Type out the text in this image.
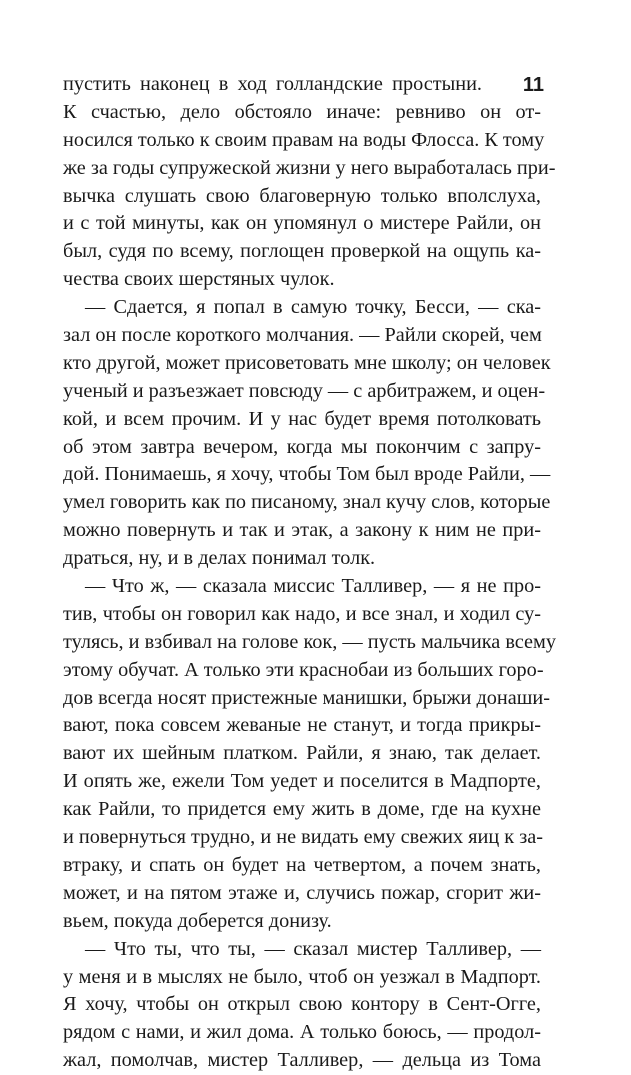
11
пустить наконец в ход голландские простыни.
К счастью, дело обстояло иначе: ревниво он от-
носился только к своим правам на воды Флосса. К тому
же за годы супружеской жизни у него выработалась при-
вычка слушать свою благоверную только вполслуха,
и с той минуты, как он упомянул о мистере Райли, он
был, судя по всему, поглощен проверкой на ощупь ка-
чества своих шерстяных чулок.
— Сдается, я попал в самую точку, Бесси, — ска-
зал он после короткого молчания. — Райли скорей, чем
кто другой, может присоветовать мне школу; он человек
ученый и разъезжает повсюду — с арбитражем, и оцен-
кой, и всем прочим. И у нас будет время потолковать
об этом завтра вечером, когда мы покончим с запру-
дой. Понимаешь, я хочу, чтобы Том был вроде Райли, —
умел говорить как по писаному, знал кучу слов, которые
можно повернуть и так и этак, а закону к ним не при-
драться, ну, и в делах понимал толк.
— Что ж, — сказала миссис Талливер, — я не про-
тив, чтобы он говорил как надо, и все знал, и ходил су-
тулясь, и взбивал на голове кок, — пусть мальчика всему
этому обучат. А только эти краснобаи из больших горо-
дов всегда носят пристежные манишки, брыжи донаши-
вают, пока совсем жеваные не станут, и тогда прикры-
вают их шейным платком. Райли, я знаю, так делает.
И опять же, ежели Том уедет и поселится в Мадпорте,
как Райли, то придется ему жить в доме, где на кухне
и повернуться трудно, и не видать ему свежих яиц к за-
втраку, и спать он будет на четвертом, а почем знать,
может, и на пятом этаже и, случись пожар, сгорит жи-
вьем, покуда доберется донизу.
— Что ты, что ты, — сказал мистер Талливер, —
у меня и в мыслях не было, чтоб он уезжал в Мадпорт.
Я хочу, чтобы он открыл свою контору в Сент-Огге,
рядом с нами, и жил дома. А только боюсь, — продол-
жал, помолчав, мистер Талливер, — дельца из Тома
